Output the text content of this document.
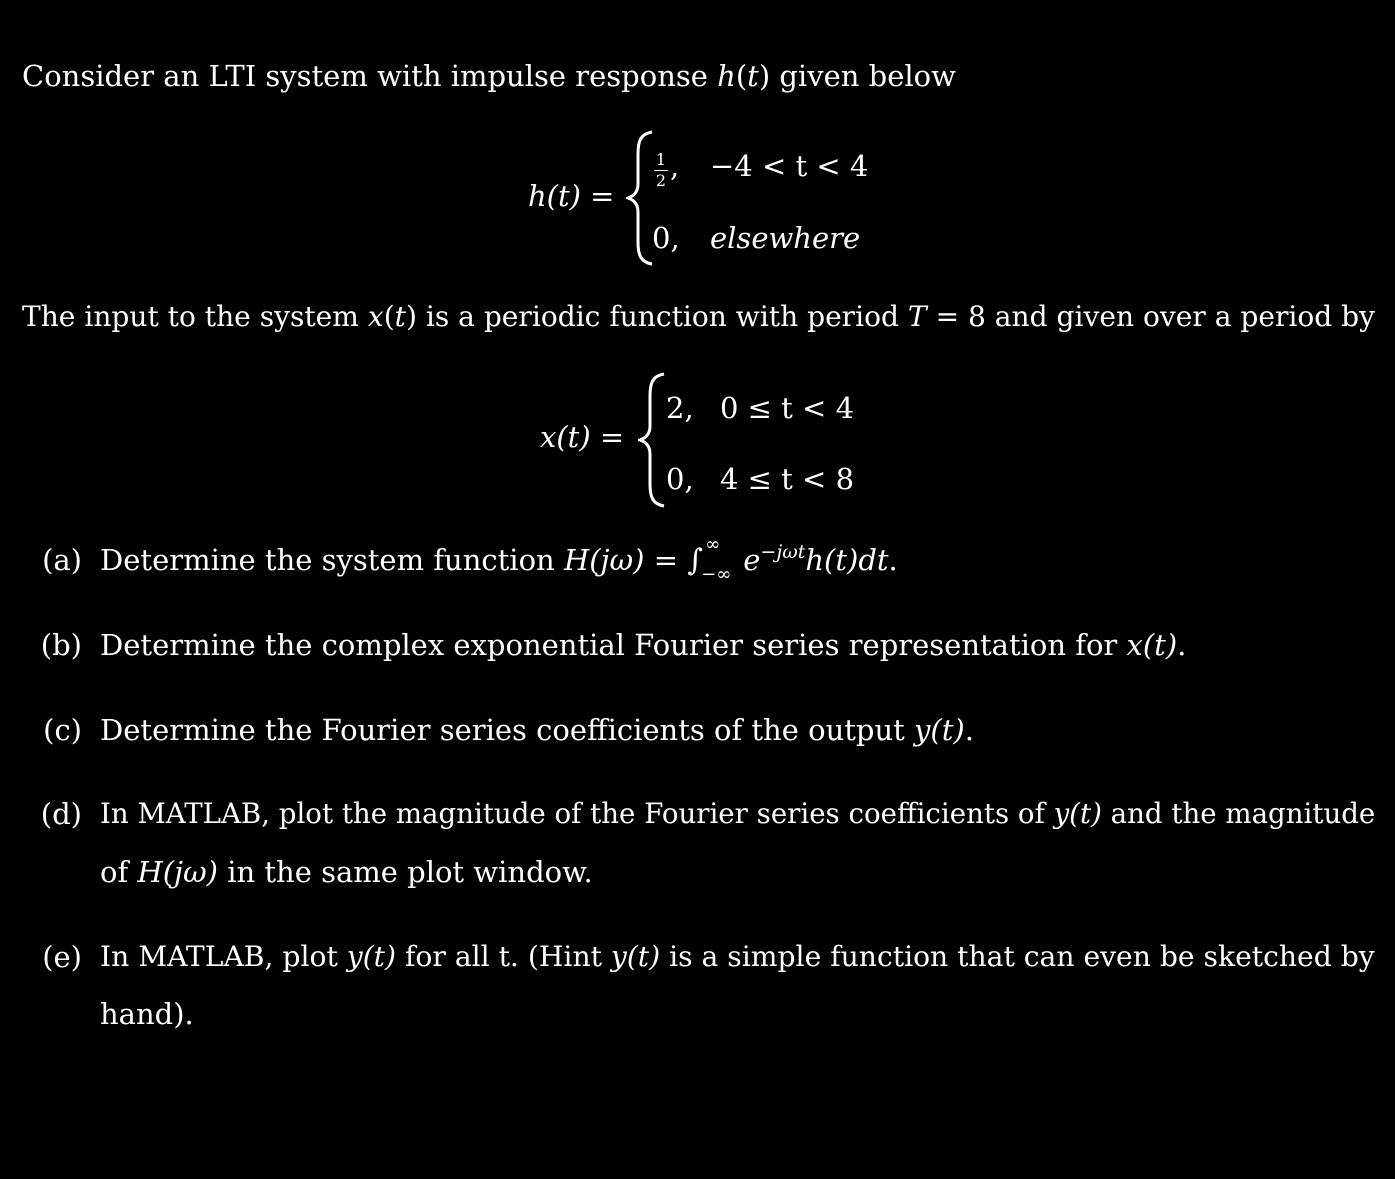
Consider an LTI system with impulse response h(t) given below
h(t) =
1
2 , −4 < t < 4
0, elsewhere
The input to the system x(t) is a periodic function with period T = 8 and given over a period by
x(t) =
2, 0 ≤ t < 4
0, 4 ≤ t < 8
(a) Determine the system function H(jω) = ∫ ∞
−∞ $e^{-j\omega t}h(t)dt$.
(b) Determine the complex exponential Fourier series representation for x(t).
(c) Determine the Fourier series coefficients of the output y(t).
(d) In MATLAB, plot the magnitude of the Fourier series coefficients of y(t) and the magnitude
of H(jω) in the same plot window.
(e) In MATLAB, plot y(t) for all t. (Hint y(t) is a simple function that can even be sketched by
hand).
